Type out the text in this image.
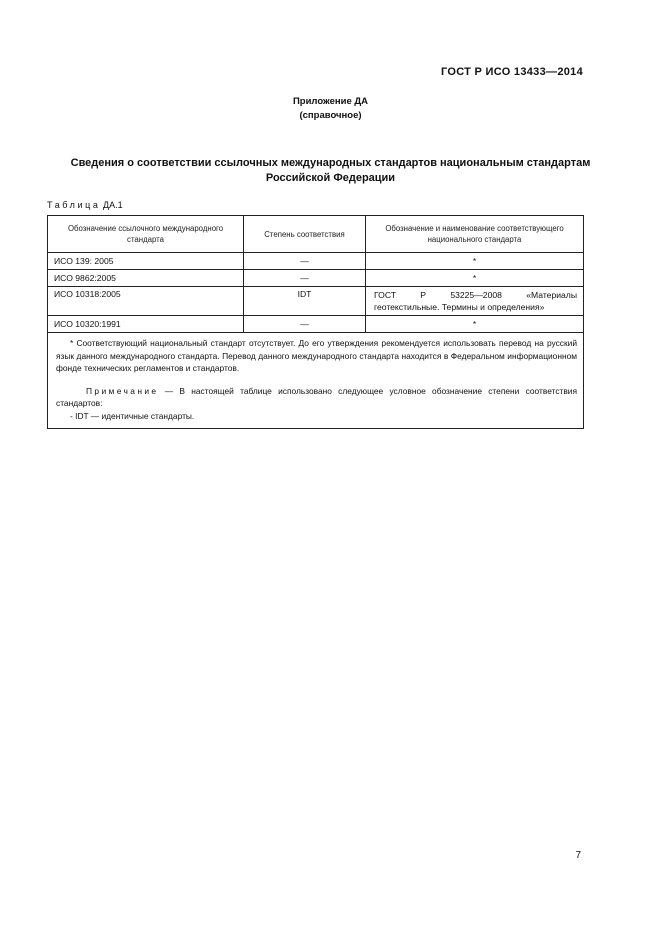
ГОСТ Р ИСО 13433—2014
Приложение ДА
(справочное)
Сведения о соответствии ссылочных международных стандартов национальным стандартам
Российской Федерации
Таблица ДА.1
Обозначение ссылочного международного стандарта	Степень соответствия	Обозначение и наименование соответствующего национального стандарта
ИСО 139: 2005	—	*
ИСО 9862:2005	—	*
ИСО 10318:2005	IDT	ГОСТ Р 53225—2008 «Материалы геотекстильные. Термины и определения»
ИСО 10320:1991	—	*

* Соответствующий национальный стандарт отсутствует. До его утверждения рекомендуется использовать перевод на русский язык данного международного стандарта. Перевод данного международного стандарта находится в Федеральном информационном фонде технических регламентов и стандартов.

Примечание — В настоящей таблице использовано следующее условное обозначение степени соответствия стандартов:

- IDT — идентичные стандарты.		

7
